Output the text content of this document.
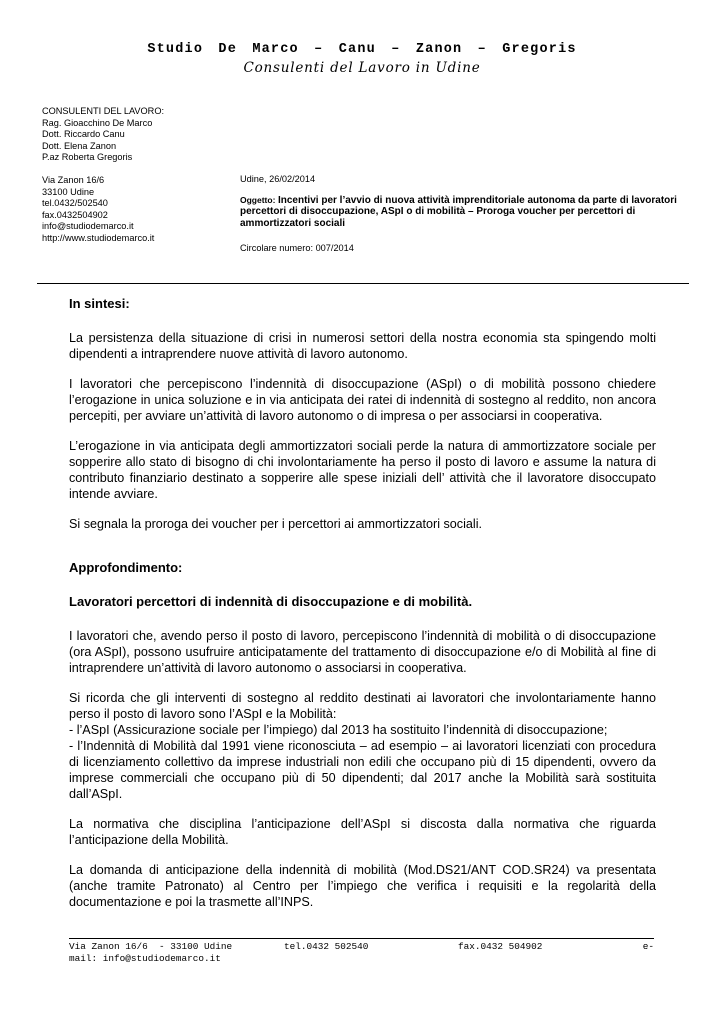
Studio De Marco – Canu – Zanon – Gregoris
Consulenti del Lavoro in Udine
CONSULENTI DEL LAVORO:
Rag. Gioacchino De Marco
Dott. Riccardo Canu
Dott. Elena Zanon
P.az Roberta Gregoris
Via Zanon 16/6
33100 Udine
tel.0432/502540
fax.0432504902
info@studiodemarco.it
http://www.studiodemarco.it
Udine, 26/02/2014
Oggetto: Incentivi per l’avvio di nuova attività imprenditoriale autonoma da parte di lavoratori percettori di disoccupazione, ASpI o di mobilità – Proroga voucher per percettori di ammortizzatori sociali
Circolare numero: 007/2014

In sintesi:

La persistenza della situazione di crisi in numerosi settori della nostra economia sta spingendo molti dipendenti a intraprendere nuove attività di lavoro autonomo.

I lavoratori che percepiscono l’indennità di disoccupazione (ASpI) o di mobilità possono chiedere l’erogazione in unica soluzione e in via anticipata dei ratei di indennità di sostegno al reddito, non ancora percepiti, per avviare un’attività di lavoro autonomo o di impresa o per associarsi in cooperativa.

L’erogazione in via anticipata degli ammortizzatori sociali perde la natura di ammortizzatore sociale per sopperire allo stato di bisogno di chi involontariamente ha perso il posto di lavoro e assume la natura di contributo finanziario destinato a sopperire alle spese iniziali dell’ attività che il lavoratore disoccupato intende avviare.

Si segnala la proroga dei voucher per i percettori ai ammortizzatori sociali.

Approfondimento:

Lavoratori percettori di indennità di disoccupazione e di mobilità.

I lavoratori che, avendo perso il posto di lavoro, percepiscono l’indennità di mobilità o di disoccupazione (ora ASpI), possono usufruire anticipatamente del trattamento di disoccupazione e/o di Mobilità al fine di intraprendere un’attività di lavoro autonomo o associarsi in cooperativa.

Si ricorda che gli interventi di sostegno al reddito destinati ai lavoratori che involontariamente hanno perso il posto di lavoro sono l’ASpI e la Mobilità:

- l’ASpI (Assicurazione sociale per l’impiego) dal 2013 ha sostituito l’indennità di disoccupazione;

- l’Indennità di Mobilità dal 1991 viene riconosciuta – ad esempio – ai lavoratori licenziati con procedura di licenziamento collettivo da imprese industriali non edili che occupano più di 15 dipendenti, ovvero da imprese commerciali che occupano più di 50 dipendenti; dal 2017 anche la Mobilità sarà sostituita dall’ASpI.

La normativa che disciplina l’anticipazione dell’ASpI si discosta dalla normativa che riguarda l’anticipazione della Mobilità.

La domanda di anticipazione della indennità di mobilità (Mod.DS21/ANT COD.SR24) va presentata (anche tramite Patronato) al Centro per l’impiego che verifica i requisiti e la regolarità della documentazione e poi la trasmette all’INPS.

Via Zanon 16/6  - 33100 Udine	tel.0432 502540	fax.0432 504902	e-
mail: info@studiodemarco.it
